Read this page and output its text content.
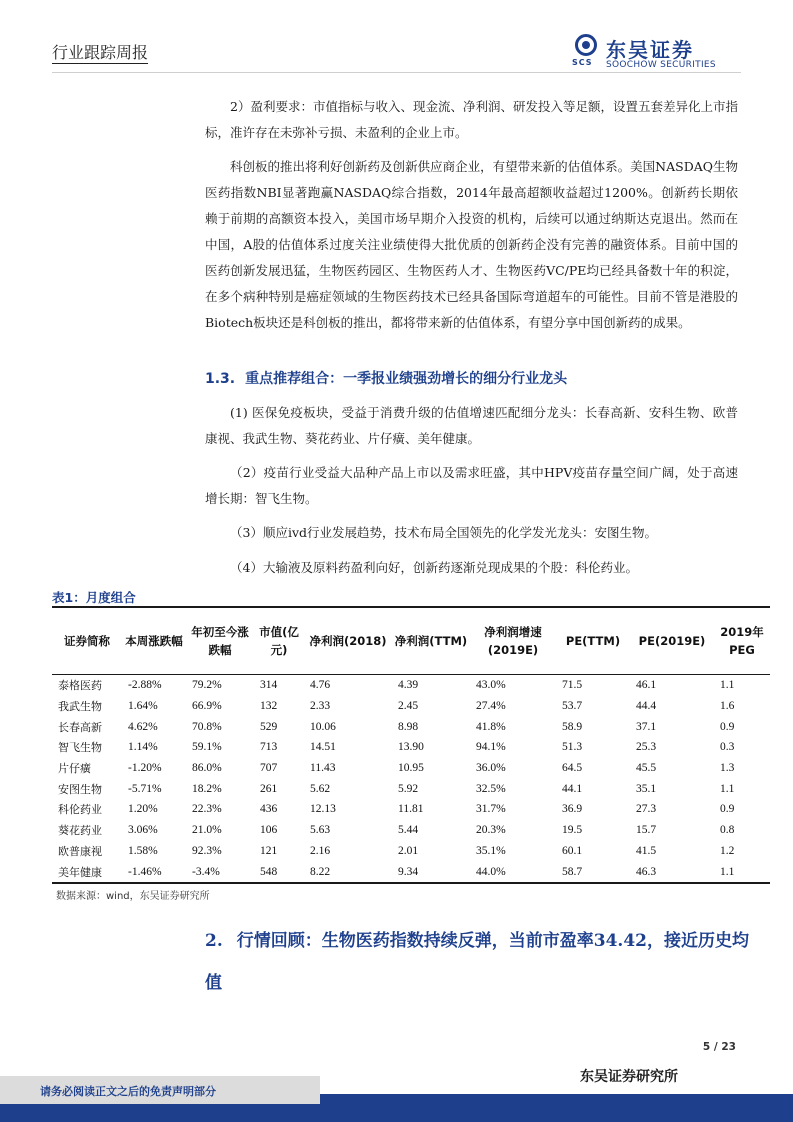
行业跟踪周报
SCS
东吴证券
SOOCHOW SECURITIES

2）盈利要求：市值指标与收入、现金流、净利润、研发投入等足额，设置五套差异化上市指标，准许存在未弥补亏损、未盈利的企业上市。

科创板的推出将利好创新药及创新供应商企业，有望带来新的估值体系。美国NASDAQ生物医药指数NBI显著跑赢NASDAQ综合指数，2014年最高超额收益超过1200%。创新药长期依赖于前期的高额资本投入，美国市场早期介入投资的机构，后续可以通过纳斯达克退出。然而在中国，A股的估值体系过度关注业绩使得大批优质的创新药企没有完善的融资体系。目前中国的医药创新发展迅猛，生物医药园区、生物医药人才、生物医药VC/PE均已经具备数十年的积淀，在多个病种特别是癌症领域的生物医药技术已经具备国际弯道超车的可能性。目前不管是港股的Biotech板块还是科创板的推出，都将带来新的估值体系，有望分享中国创新药的成果。

1.3. 重点推荐组合：一季报业绩强劲增长的细分行业龙头

(1) 医保免疫板块，受益于消费升级的估值增速匹配细分龙头：长春高新、安科生物、欧普康视、我武生物、葵花药业、片仔癀、美年健康。

（2）疫苗行业受益大品种产品上市以及需求旺盛，其中HPV疫苗存量空间广阔，处于高速增长期：智飞生物。

（3）顺应ivd行业发展趋势，技术布局全国领先的化学发光龙头：安图生物。

（4）大输液及原料药盈利向好，创新药逐渐兑现成果的个股：科伦药业。

表1：月度组合
证券简称	本周涨跌幅	年初至今涨跌幅	市值(亿元)	净利润(2018)	净利润(TTM)	净利润增速(2019E)	PE(TTM)	PE(2019E)	2019年PEG
泰格医药	-2.88%	79.2%	314	4.76	4.39	43.0%	71.5	46.1	1.1
我武生物	1.64%	66.9%	132	2.33	2.45	27.4%	53.7	44.4	1.6
长春高新	4.62%	70.8%	529	10.06	8.98	41.8%	58.9	37.1	0.9
智飞生物	1.14%	59.1%	713	14.51	13.90	94.1%	51.3	25.3	0.3
片仔癀	-1.20%	86.0%	707	11.43	10.95	36.0%	64.5	45.5	1.3
安图生物	-5.71%	18.2%	261	5.62	5.92	32.5%	44.1	35.1	1.1
科伦药业	1.20%	22.3%	436	12.13	11.81	31.7%	36.9	27.3	0.9
葵花药业	3.06%	21.0%	106	5.63	5.44	20.3%	19.5	15.7	0.8
欧普康视	1.58%	92.3%	121	2.16	2.01	35.1%	60.1	41.5	1.2
美年健康	-1.46%	-3.4%	548	8.22	9.34	44.0%	58.7	46.3	1.1
数据来源：wind，东吴证券研究所
2. 行情回顾：生物医药指数持续反弹，当前市盈率34.42，接近历史均值
5 / 23
请务必阅读正文之后的免责声明部分
东吴证券研究所
